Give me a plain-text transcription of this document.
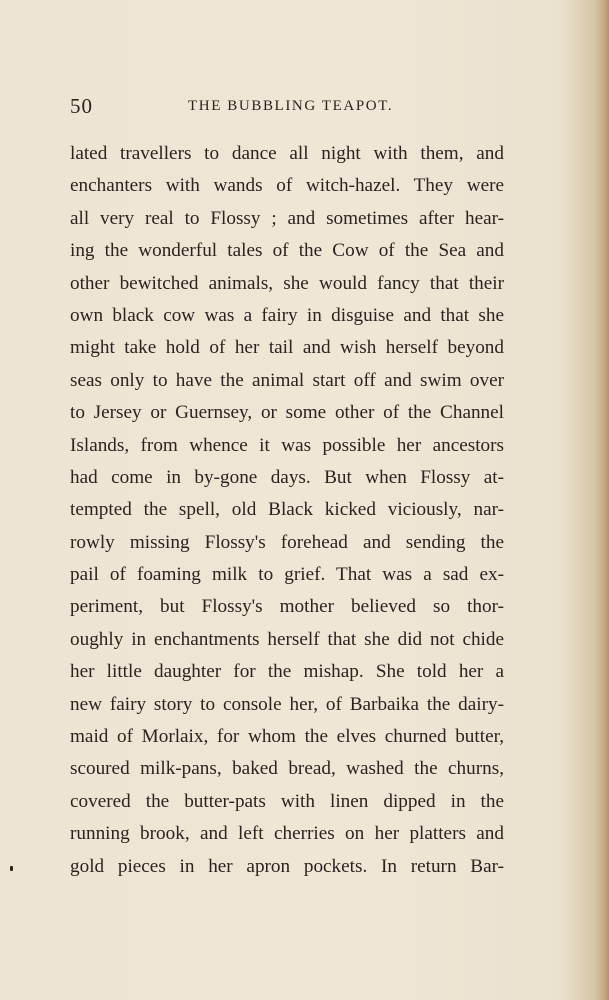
50	THE BUBBLING TEAPOT.
lated travellers to dance all night with them, and
enchanters with wands of witch-hazel. They were
all very real to Flossy ; and sometimes after hear-
ing the wonderful tales of the Cow of the Sea and
other bewitched animals, she would fancy that their
own black cow was a fairy in disguise and that she
might take hold of her tail and wish herself beyond
seas only to have the animal start off and swim over
to Jersey or Guernsey, or some other of the Channel
Islands, from whence it was possible her ancestors
had come in by-gone days. But when Flossy at-
tempted the spell, old Black kicked viciously, nar-
rowly missing Flossy's forehead and sending the
pail of foaming milk to grief. That was a sad ex-
periment, but Flossy's mother believed so thor-
oughly in enchantments herself that she did not chide
her little daughter for the mishap. She told her a
new fairy story to console her, of Barbaika the dairy-
maid of Morlaix, for whom the elves churned butter,
scoured milk-pans, baked bread, washed the churns,
covered the butter-pats with linen dipped in the
running brook, and left cherries on her platters and
gold pieces in her apron pockets. In return Bar-
